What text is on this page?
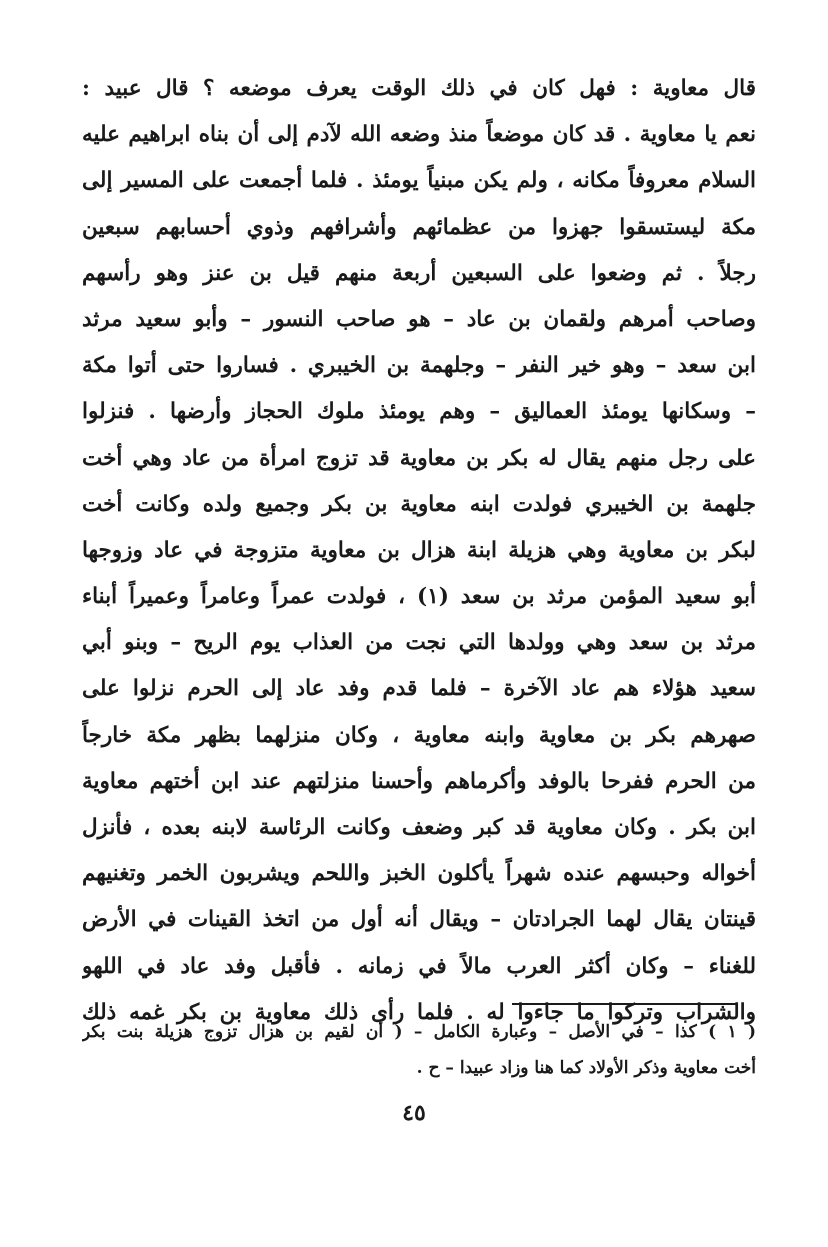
قال معاوية : فهل كان في ذلك الوقت يعرف موضعه ؟ قال عبيد :
نعم يا معاوية . قد كان موضعاً منذ وضعه الله لآدم إلى أن بناه ابراهيم عليه
السلام معروفاً مكانه ، ولم يكن مبنياً يومئذ . فلما أجمعت على المسير إلى
مكة ليستسقوا جهزوا من عظمائهم وأشرافهم وذوي أحسابهم سبعين
رجلاً . ثم وضعوا على السبعين أربعة منهم قيل بن عنز وهو رأسهم
وصاحب أمرهم ولقمان بن عاد – هو صاحب النسور – وأبو سعيد مرثد
ابن سعد – وهو خير النفر – وجلهمة بن الخيبري . فساروا حتى أتوا مكة
– وسكانها يومئذ العماليق – وهم يومئذ ملوك الحجاز وأرضها . فنزلوا
على رجل منهم يقال له بكر بن معاوية قد تزوج امرأة من عاد وهي أخت
جلهمة بن الخيبري فولدت ابنه معاوية بن بكر وجميع ولده وكانت أخت
لبكر بن معاوية وهي هزيلة ابنة هزال بن معاوية متزوجة في عاد وزوجها
أبو سعيد المؤمن مرثد بن سعد (١) ، فولدت عمراً وعامراً وعميراً أبناء
مرثد بن سعد وهي وولدها التي نجت من العذاب يوم الريح – وبنو أبي
سعيد هؤلاء هم عاد الآخرة – فلما قدم وفد عاد إلى الحرم نزلوا على
صهرهم بكر بن معاوية وابنه معاوية ، وكان منزلهما بظهر مكة خارجاً
من الحرم ففرحا بالوفد وأكرماهم وأحسنا منزلتهم عند ابن أختهم معاوية
ابن بكر . وكان معاوية قد كبر وضعف وكانت الرئاسة لابنه بعده ، فأنزل
أخواله وحبسهم عنده شهراً يأكلون الخبز واللحم ويشربون الخمر وتغنيهم
قينتان يقال لهما الجرادتان – ويقال أنه أول من اتخذ القينات في الأرض
للغناء – وكان أكثر العرب مالاً في زمانه . فأقبل وفد عاد في اللهو
والشراب وتركوا ما جاءوا له . فلما رأى ذلك معاوية بن بكر غمه ذلك
( ١ ) كذا – في الأصل – وعبارة الكامل – ( أن لقيم بن هزال تزوج هزيلة بنت بكر
أخت معاوية وذكر الأولاد كما هنا وزاد عبيدا – ح .
٤٥
